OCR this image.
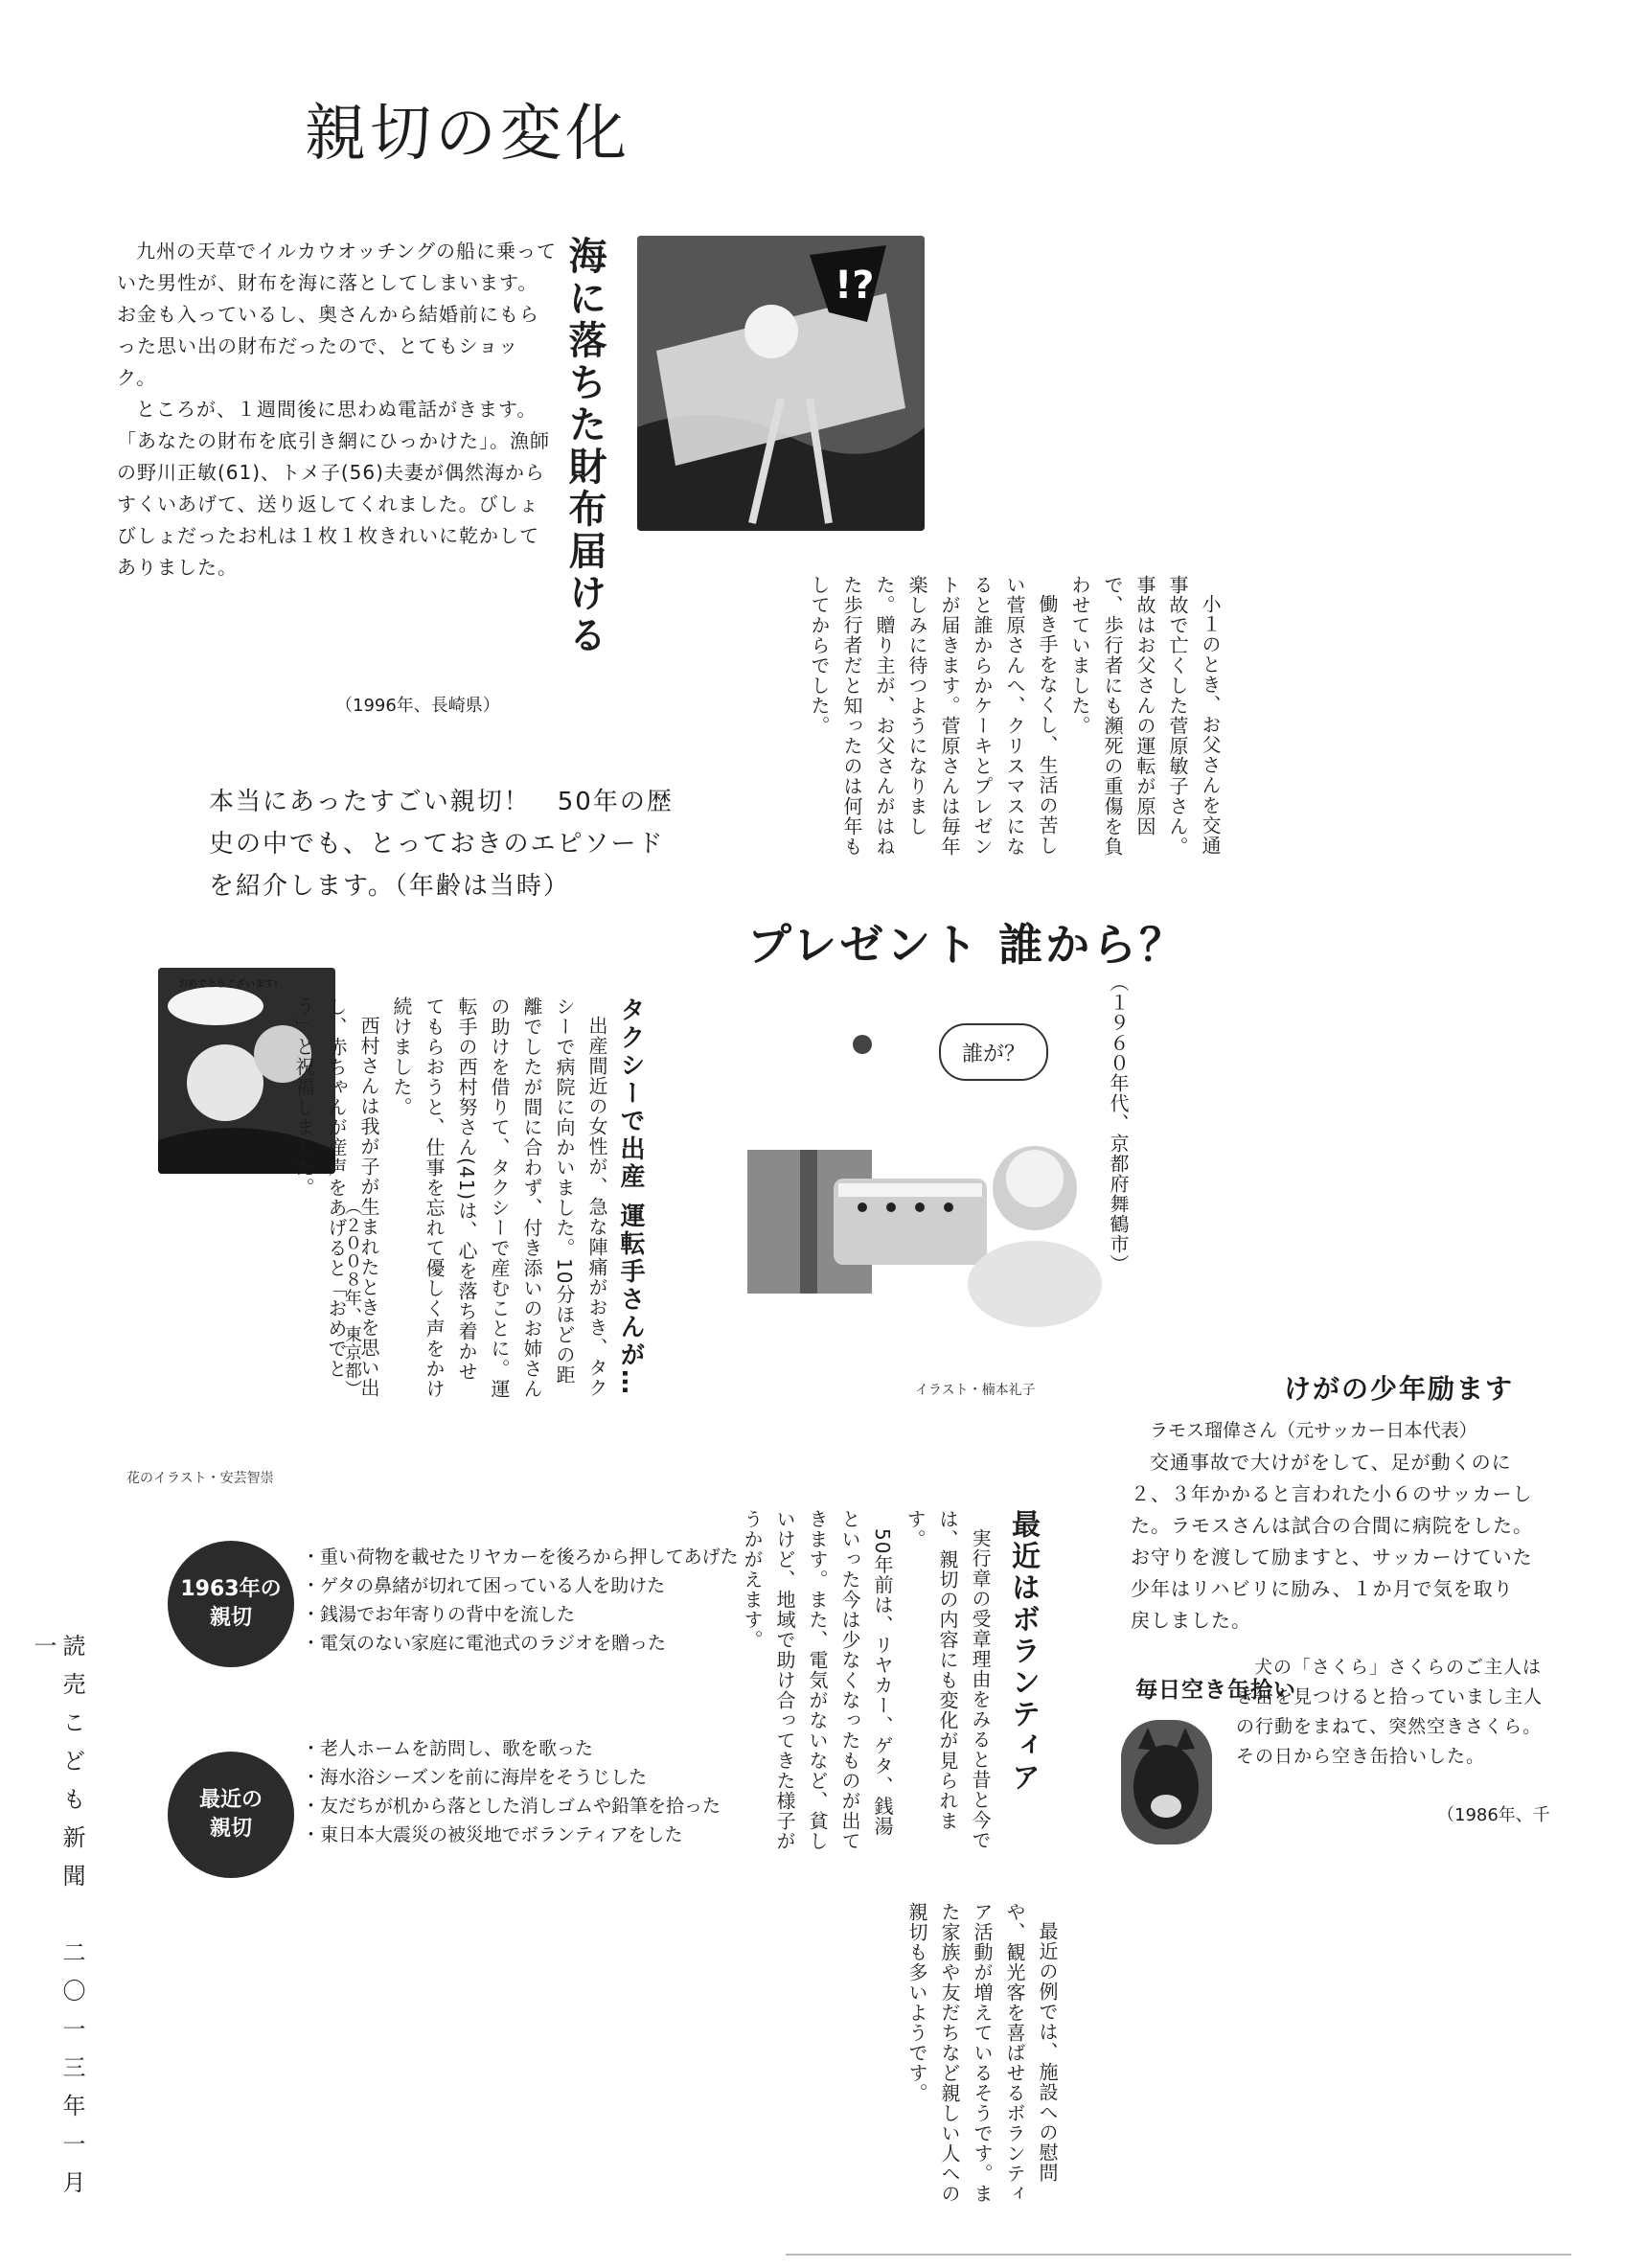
親切の変化

九州の天草でイルカウオッチングの船に乗っていた男性が、財布を海に落としてしまいます。お金も入っているし、奥さんから結婚前にもらった思い出の財布だったので、とてもショック。

ところが、１週間後に思わぬ電話がきます。「あなたの財布を底引き網にひっかけた」。漁師の野川正敏(61)、トメ子(56)夫妻が偶然海からすくいあげて、送り返してくれました。びしょびしょだったお札は１枚１枚きれいに乾かしてありました。

（1996年、長崎県）
!?
海に落ちた財布届ける
本当にあったすごい親切！　50年の歴史の中でも、とっておきのエピソードを紹介します。（年齢は当時）

小１のとき、お父さんを交通事故で亡くした菅原敏子さん。事故はお父さんの運転が原因で、歩行者にも瀕死の重傷を負わせていました。

働き手をなくし、生活の苦しい菅原さんへ、クリスマスになると誰からかケーキとプレゼントが届きます。菅原さんは毎年楽しみに待つようになりました。贈り主が、お父さんがはねた歩行者だと知ったのは何年もしてからでした。

（１９６０年代、京都府舞鶴市）
プレゼント 誰から？
誰が？
イラスト・楠本礼子
おめでとうございます!

出産間近の女性が、急な陣痛がおき、タクシーで病院に向かいました。10分ほどの距離でしたが間に合わず、付き添いのお姉さんの助けを借りて、タクシーで産むことに。運転手の西村努さん(41)は、心を落ち着かせてもらおうと、仕事を忘れて優しく声をかけ続けました。

西村さんは我が子が生まれたときを思い出し、赤ちゃんが産声をあげると「おめでとう」と祝福しました。

（２００８年、東京都）	タクシーで出産 運転手さんが…	けがの少年励ます
ラモス瑠偉さん（元サッカー日本代表）

交通事故で大けがをして、足が動くのに２、３年かかると言われた小６のサッカーした。ラモスさんは試合の合間に病院をした。お守りを渡して励ますと、サッカーけていた少年はリハビリに励み、１か月で気を取り戻しました。

毎日空き缶拾い

犬の「さくら」さくらのご主人はき缶を見つけると拾っていまし主人の行動をまねて、突然空きさくら。その日から空き缶拾いした。

（1986年、千
花のイラスト・安芸智崇
1963年の
親切
・ 重い荷物を載せたリヤカーを後ろから押してあげた
・ ゲタの鼻緒が切れて困っている人を助けた
・ 銭湯でお年寄りの背中を流した
・ 電気のない家庭に電池式のラジオを贈った
最近の
親切
・ 老人ホームを訪問し、歌を歌った
・ 海水浴シーズンを前に海岸をそうじした
・ 友だちが机から落とした消しゴムや鉛筆を拾った
・ 東日本大震災の被災地でボランティアをした
最近はボランティア

実行章の受章理由をみると昔と今では、親切の内容にも変化が見られます。

50年前は、リヤカー、ゲタ、銭湯といった今は少なくなったものが出てきます。また、電気がないなど、貧しいけど、地域で助け合ってきた様子がうかがえます。

最近の例では、施設への慰問や、観光客を喜ばせるボランティア活動が増えているそうです。また家族や友だちなど親しい人への親切も多いようです。

読売こども新聞　二〇一三年一月一
